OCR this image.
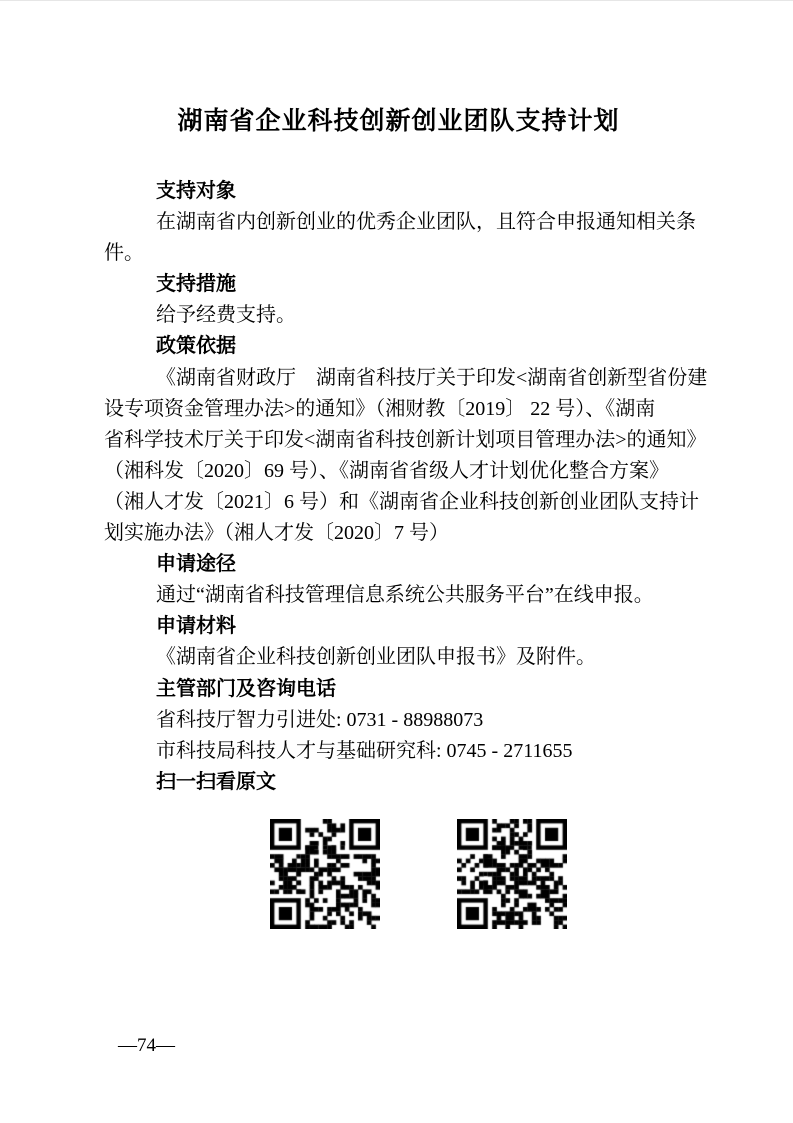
湖南省企业科技创新创业团队支持计划
支持对象
在湖南省内创新创业的优秀企业团队，且符合申报通知相关条
件。
支持措施
给予经费支持。
政策依据
《湖南省财政厅　湖南省科技厅关于印发<湖南省创新型省份建
设专项资金管理办法>的通知》（湘财教〔2019〕 22 号）、《湖南
省科学技术厅关于印发<湖南省科技创新计划项目管理办法>的通知》
（湘科发〔2020〕69 号）、《湖南省省级人才计划优化整合方案》
（湘人才发〔2021〕6 号）和《湖南省企业科技创新创业团队支持计
划实施办法》（湘人才发〔2020〕7 号）
申请途径
通过“湖南省科技管理信息系统公共服务平台”在线申报。
申请材料
《湖南省企业科技创新创业团队申报书》及附件。
主管部门及咨询电话
省科技厅智力引进处: 0731 - 88988073
市科技局科技人才与基础研究科: 0745 - 2711655
扫一扫看原文
—74—
